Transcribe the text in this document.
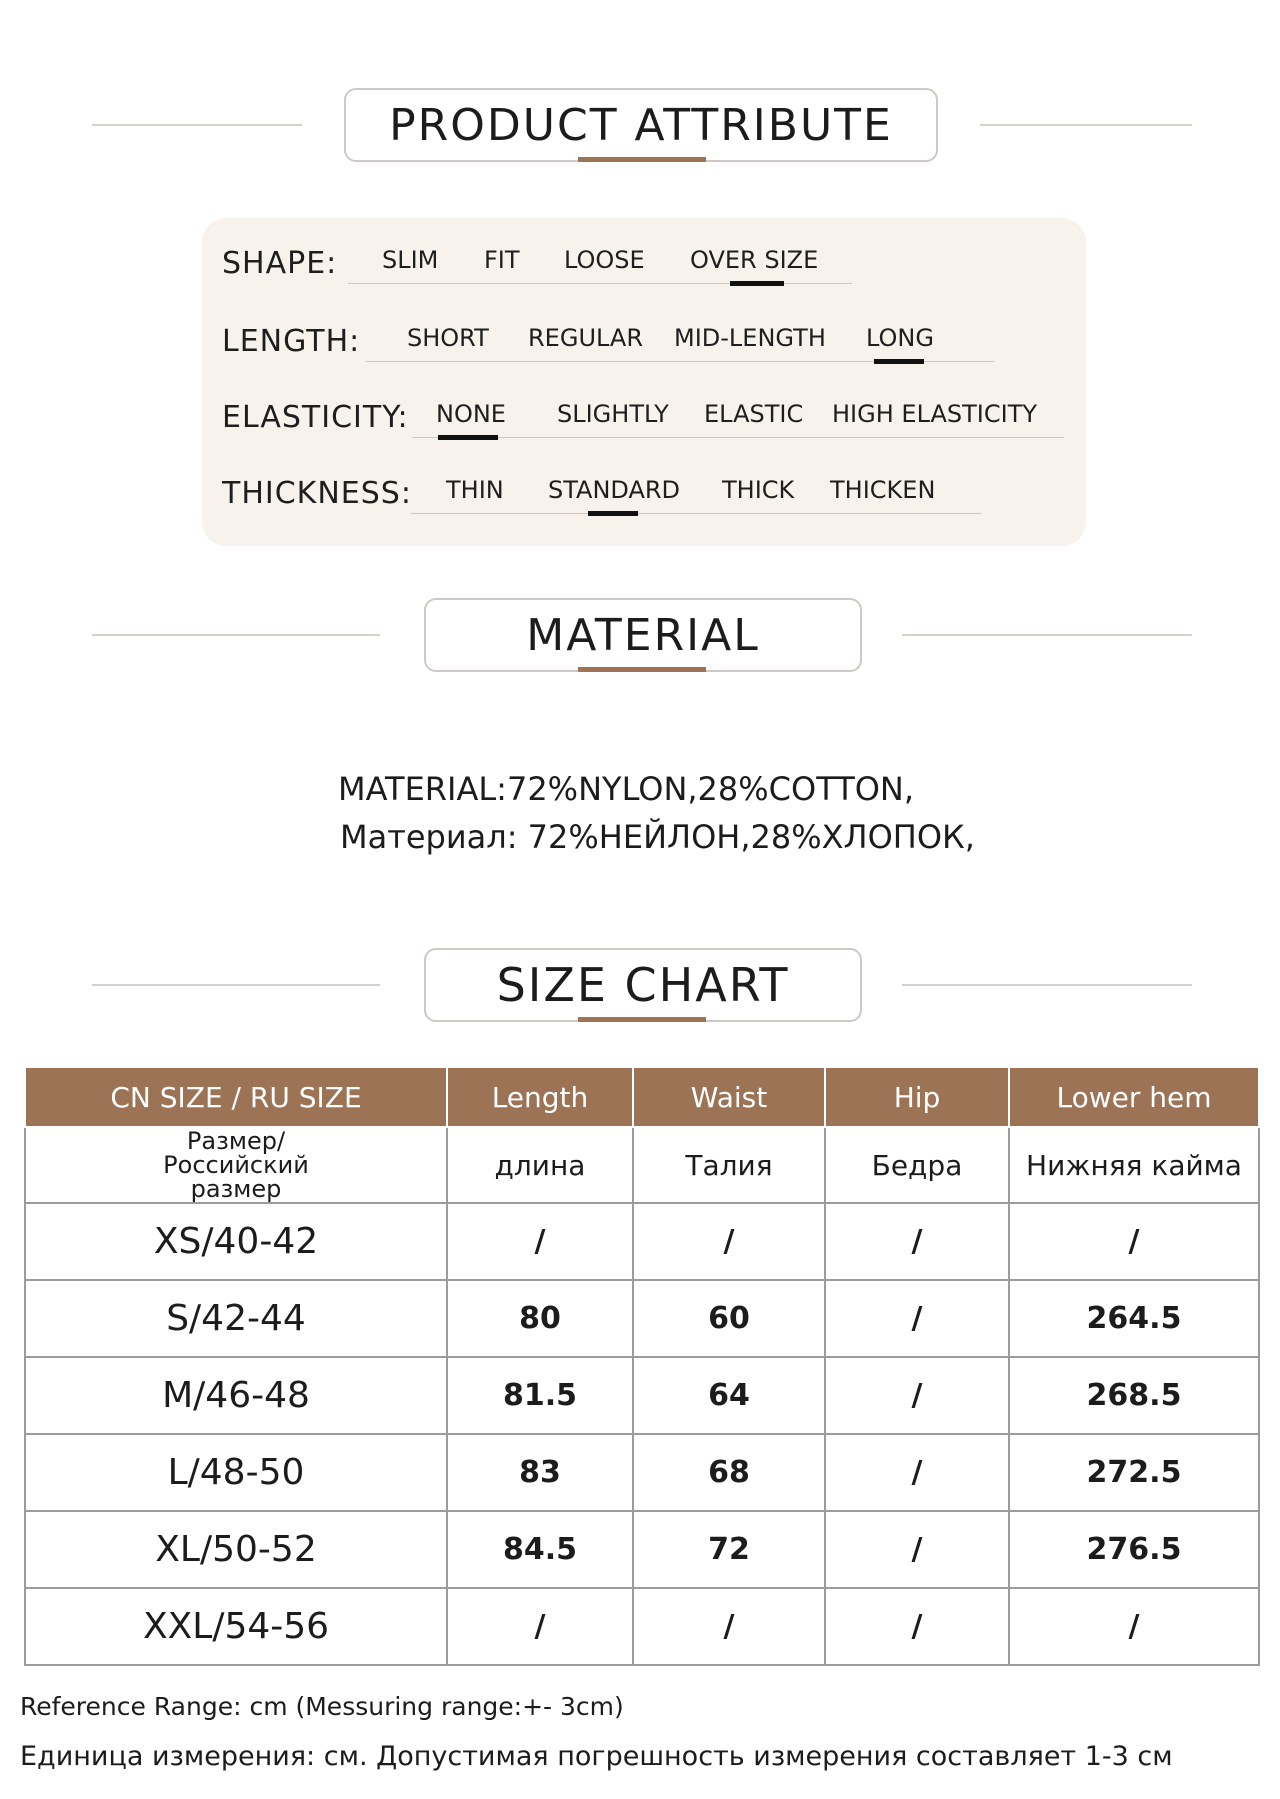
PRODUCT ATTRIBUTE
SHAPE: SLIM FIT LOOSE OVER SIZE
LENGTH: SHORT REGULAR MID-LENGTH LONG
ELASTICITY: NONE SLIGHTLY ELASTIC HIGH ELASTICITY
THICKNESS: THIN STANDARD THICK THICKEN
MATERIAL
MATERIAL:72%NYLON,28%COTTON,
Материал: 72%НЕЙЛОН,28%ХЛОПОК,
SIZE CHART
CN SIZE / RU SIZE	Length	Waist	Hip	Lower hem
Размер/Российский размер	длина	Талия	Бедра	Нижняя кайма
XS/40-42	/	/	/	/
S/42-44	80	60	/	264.5
M/46-48	81.5	64	/	268.5
L/48-50	83	68	/	272.5
XL/50-52	84.5	72	/	276.5
XXL/54-56	/	/	/	/
Reference Range: cm (Messuring range:+- 3cm)
Единица измерения: см. Допустимая погрешность измерения составляет 1-3 см
